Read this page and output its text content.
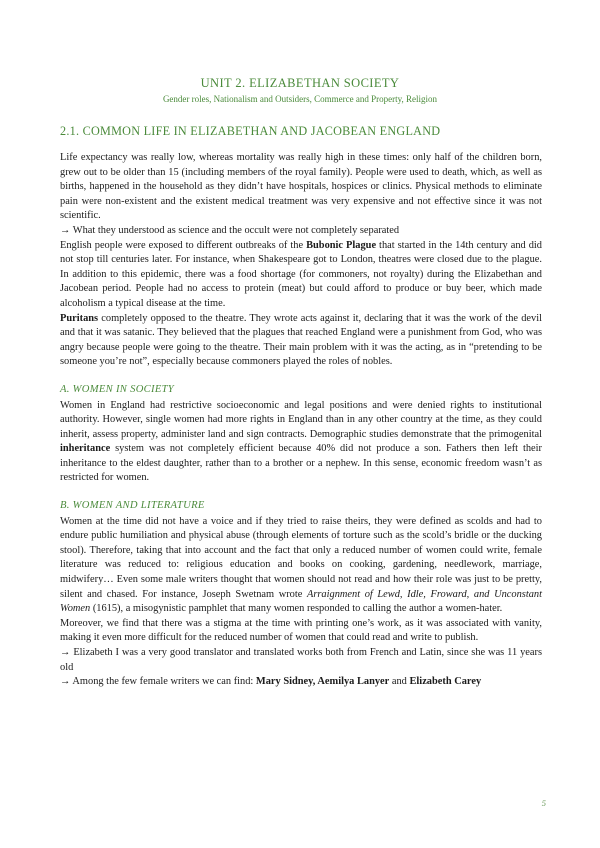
UNIT 2. ELIZABETHAN SOCIETY
Gender roles, Nationalism and Outsiders, Commerce and Property, Religion
2.1. COMMON LIFE IN ELIZABETHAN AND JACOBEAN ENGLAND

Life expectancy was really low, whereas mortality was really high in these times: only half of the children born, grew out to be older than 15 (including members of the royal family). People were used to death, which, as well as births, happened in the household as they didn’t have hospitals, hospices or clinics. Physical methods to eliminate pain were non-existent and the existent medical treatment was very expensive and not effective since it was not scientific.

→ What they understood as science and the occult were not completely separated

English people were exposed to different outbreaks of the Bubonic Plague that started in the 14th century and did not stop till centuries later. For instance, when Shakespeare got to London, theatres were closed due to the plague. In addition to this epidemic, there was a food shortage (for commoners, not royalty) during the Elizabethan and Jacobean period. People had no access to protein (meat) but could afford to produce or buy beer, which made alcoholism a typical disease at the time.

Puritans completely opposed to the theatre. They wrote acts against it, declaring that it was the work of the devil and that it was satanic. They believed that the plagues that reached England were a punishment from God, who was angry because people were going to the theatre. Their main problem with it was the acting, as in “pretending to be someone you’re not”, especially because commoners played the roles of nobles.

A. WOMEN IN SOCIETY

Women in England had restrictive socioeconomic and legal positions and were denied rights to institutional authority. However, single women had more rights in England than in any other country at the time, as they could inherit, assess property, administer land and sign contracts. Demographic studies demonstrate that the primogenital inheritance system was not completely efficient because 40% did not produce a son. Fathers then left their inheritance to the eldest daughter, rather than to a brother or a nephew. In this sense, economic freedom wasn’t as restricted for women.

B. WOMEN AND LITERATURE

Women at the time did not have a voice and if they tried to raise theirs, they were defined as scolds and had to endure public humiliation and physical abuse (through elements of torture such as the scold’s bridle or the ducking stool). Therefore, taking that into account and the fact that only a reduced number of women could write, female literature was reduced to: religious education and books on cooking, gardening, needlework, marriage, midwifery… Even some male writers thought that women should not read and how their role was just to be pretty, silent and chased. For instance, Joseph Swetnam wrote Arraignment of Lewd, Idle, Froward, and Unconstant Women (1615), a misogynistic pamphlet that many women responded to calling the author a women-hater.

Moreover, we find that there was a stigma at the time with printing one’s work, as it was associated with vanity, making it even more difficult for the reduced number of women that could read and write to publish.

→ Elizabeth I was a very good translator and translated works both from French and Latin, since she was 11 years old

→ Among the few female writers we can find: Mary Sidney, Aemilya Lanyer and Elizabeth Carey

5
